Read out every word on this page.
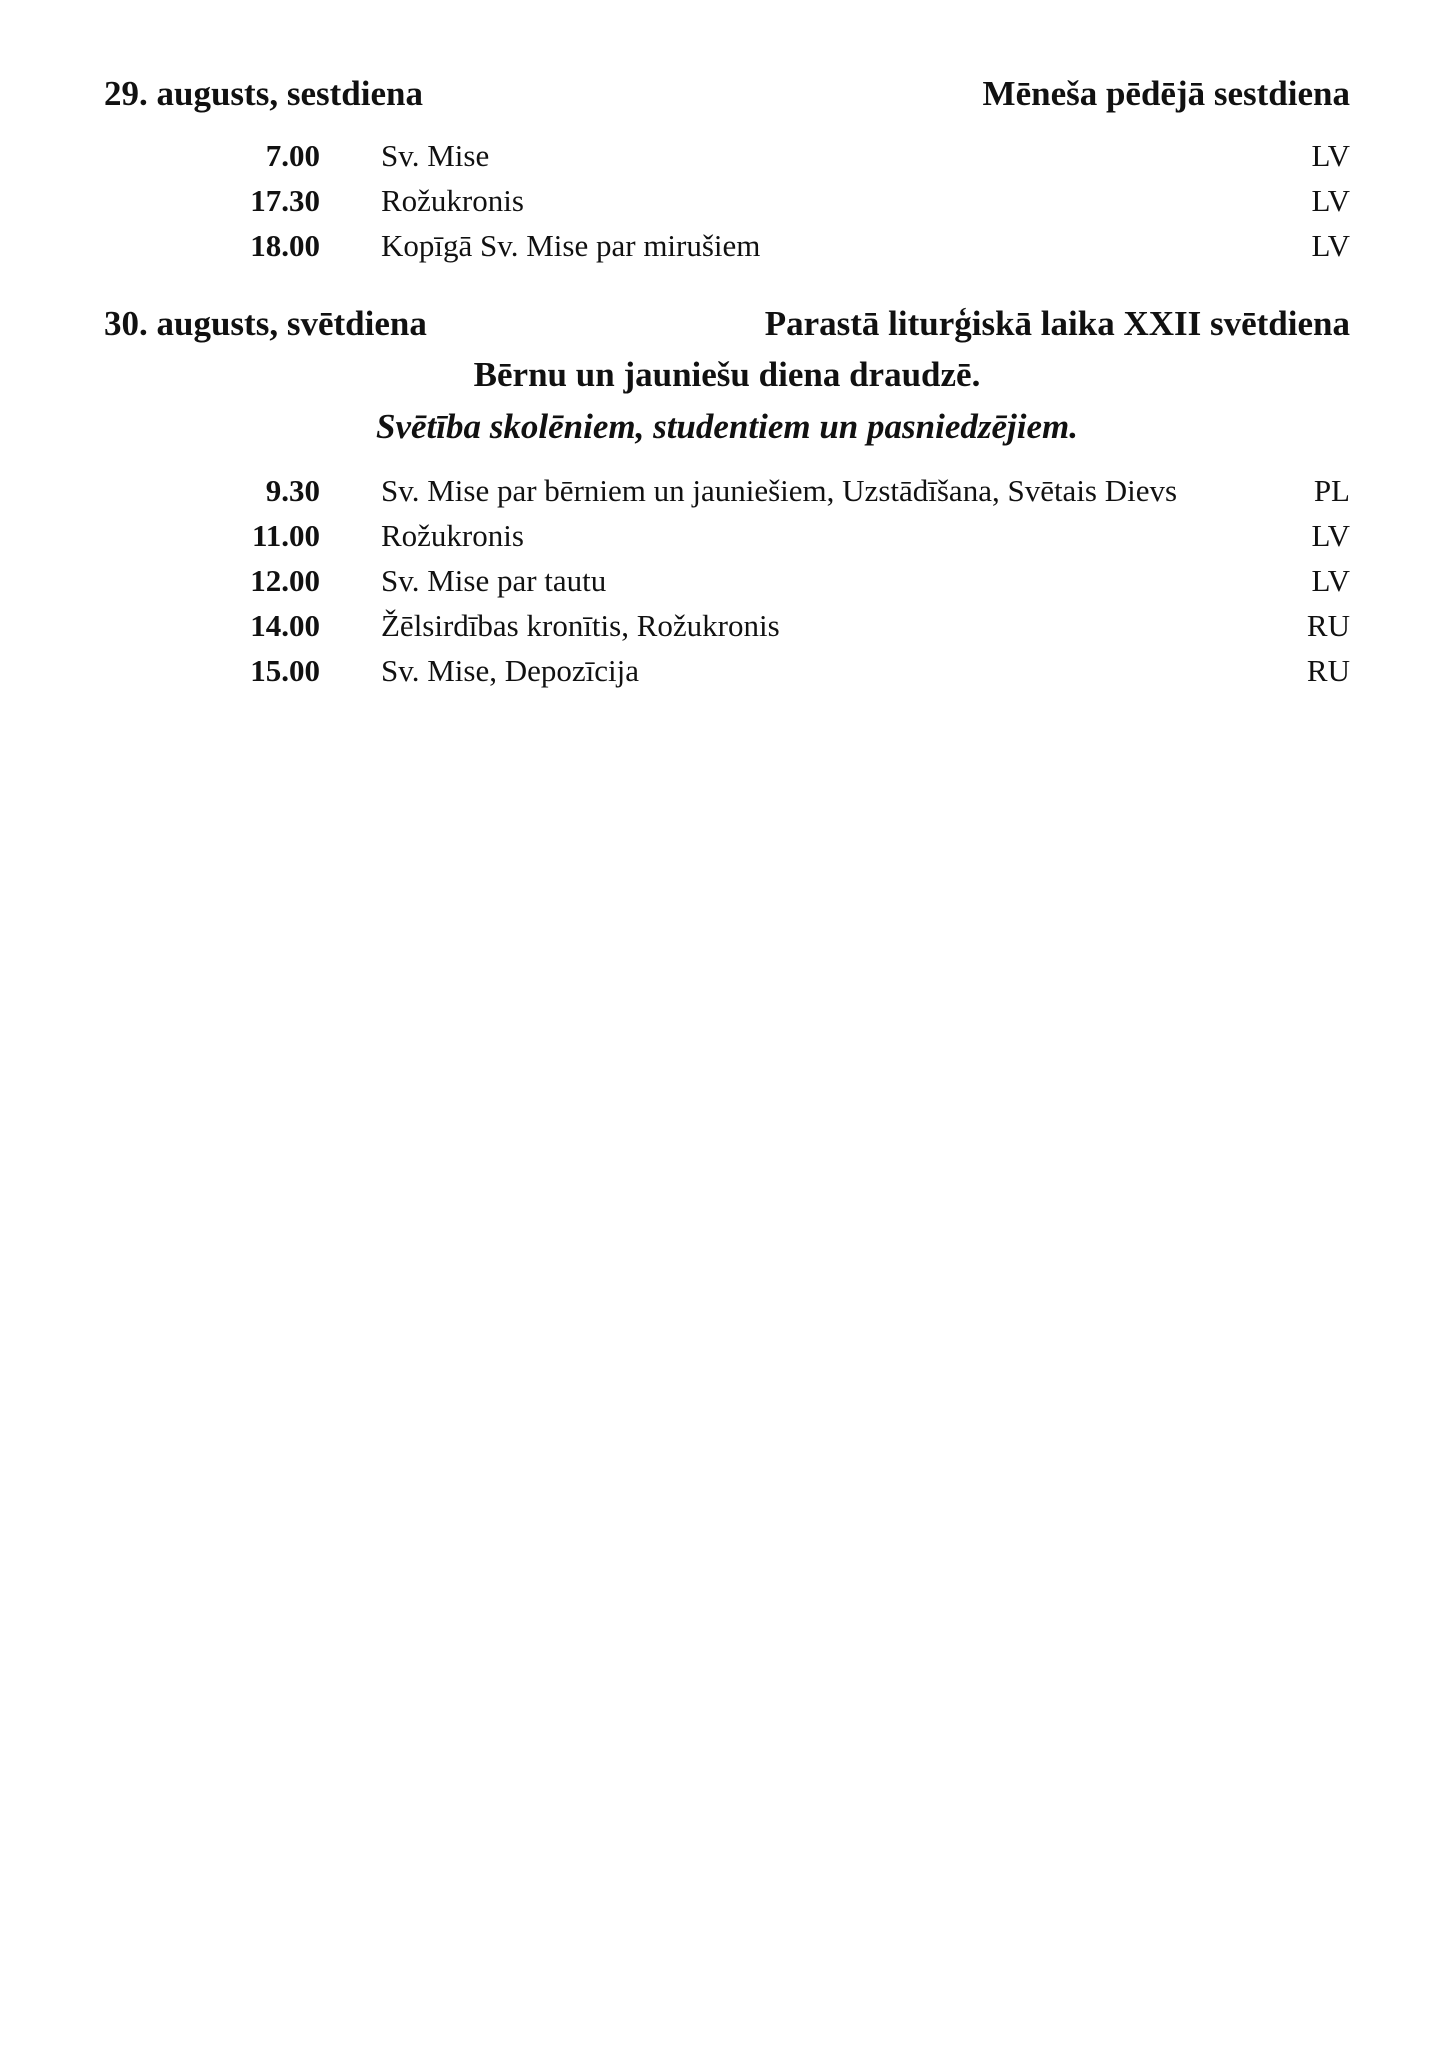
29. augusts, sestdiena	Mēneša pēdējā sestdiena
7.00 Sv. Mise	LV
17.30 Rožukronis	LV
18.00 Kopīgā Sv. Mise par mirušiem	LV
30. augusts, svētdiena	Parastā liturģiskā laika XXII svētdiena
Bērnu un jauniešu diena draudzē.
Svētība skolēniem, studentiem un pasniedzējiem.
9.30 Sv. Mise par bērniem un jauniešiem, Uzstādīšana, Svētais Dievs	PL
11.00 Rožukronis	LV
12.00 Sv. Mise par tautu	LV
14.00 Žēlsirdības kronītis, Rožukronis	RU
15.00 Sv. Mise, Depozīcija	RU
